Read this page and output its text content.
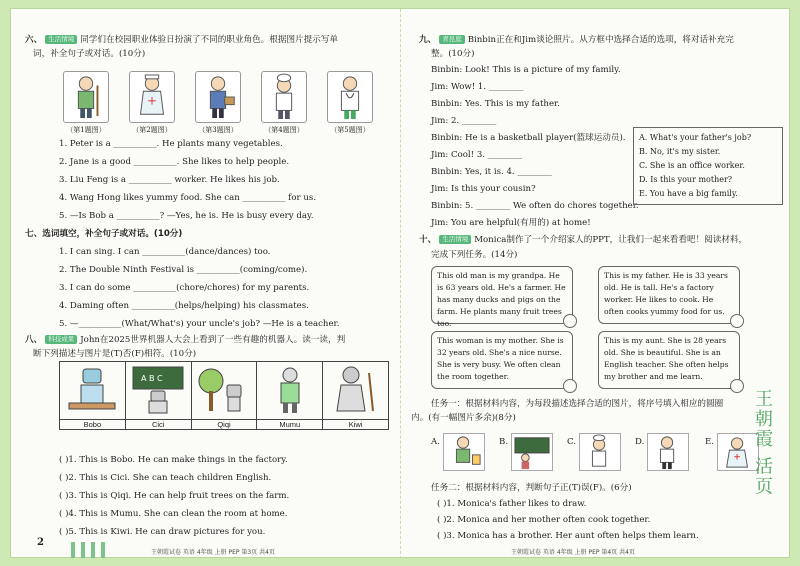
六、 生活情境 同学们在校园职业体验日扮演了不同的职业角色。根据图片提示写单
词，补全句子或对话。(10分)
（第1题图）	（第2题图）	（第3题图）	（第4题图）	（第5题图）
1. Peter is a __________. He plants many vegetables.
2. Jane is a good __________. She likes to help people.
3. Liu Feng is a __________ worker. He likes his job.
4. Wang Hong likes yummy food. She can __________ for us.
5. —Is Bob a __________? —Yes, he is. He is busy every day.
七、选词填空，补全句子或对话。(10分)
1. I can sing. I can __________(dance/dances) too.
2. The Double Ninth Festival is __________(coming/come).
3. I can do some __________(chore/chores) for my parents.
4. Daming often __________(helps/helping) his classmates.
5. —__________(What/What's) your uncle's job? —He is a teacher.
八、 科技成果 John在2025世界机器人大会上看到了一些有趣的机器人。读一读，判
断下列描述与图片是(T)否(F)相符。(10分)

A B C

Bobo	Cici	Qiqi	Mumu	Kiwi
( )1. This is Bobo. He can make things in the factory.
( )2. This is Cici. She can teach children English.
( )3. This is Qiqi. He can help fruit trees on the farm.
( )4. This is Mumu. She can clean the room at home.
( )5. This is Kiwi. He can draw pictures for you.
2
王朝霞试卷 英语 4年级 上册 PEP 第3页 共4页
九、 青昆庭 Binbin正在和Jim谈论照片。从方框中选择合适的选项，将对话补充完
整。(10分)
Binbin: Look! This is a picture of my family.
Jim: Wow! 1. ________
Binbin: Yes. This is my father.
Jim: 2. ________
Binbin: He is a basketball player(篮球运动员).
Jim: Cool! 3. ________
Binbin: Yes, it is. 4. ________
Jim: Is this your cousin?
Binbin: 5. ________ We often do chores together.
Jim: You are helpful(有用的) at home!
A. What's your father's job?
B. No, it's my sister.
C. She is an office worker.
D. Is this your mother?
E. You have a big family.
十、 生活情境 Monica制作了一个介绍家人的PPT，让我们一起来看看吧！阅读材料，
完成下列任务。(14分)
This old man is my grandpa. He is 63 years old. He's a farmer. He has many ducks and pigs on the farm. He plants many fruit trees too.
This is my father. He is 33 years old. He is tall. He's a factory worker. He likes to cook. He often cooks yummy food for us.
This woman is my mother. She is 32 years old. She's a nice nurse. She is very busy. We often clean the room together.
This is my aunt. She is 28 years old. She is beautiful. She is an English teacher. She often helps my brother and me learn.
任务一：根据材料内容，为每段描述选择合适的图片，将序号填入相应的圆圈
内。(有一幅图片多余)(8分)
A.	B.	C.	D.	E.
任务二：根据材料内容，判断句子正(T)误(F)。(6分)
( )1. Monica's father likes to draw.
( )2. Monica and her mother often cook together.
( )3. Monica has a brother. Her aunt often helps them learn.
王朝霞试卷 英语 4年级 上册 PEP 第4页 共4页
王朝霞 活页
